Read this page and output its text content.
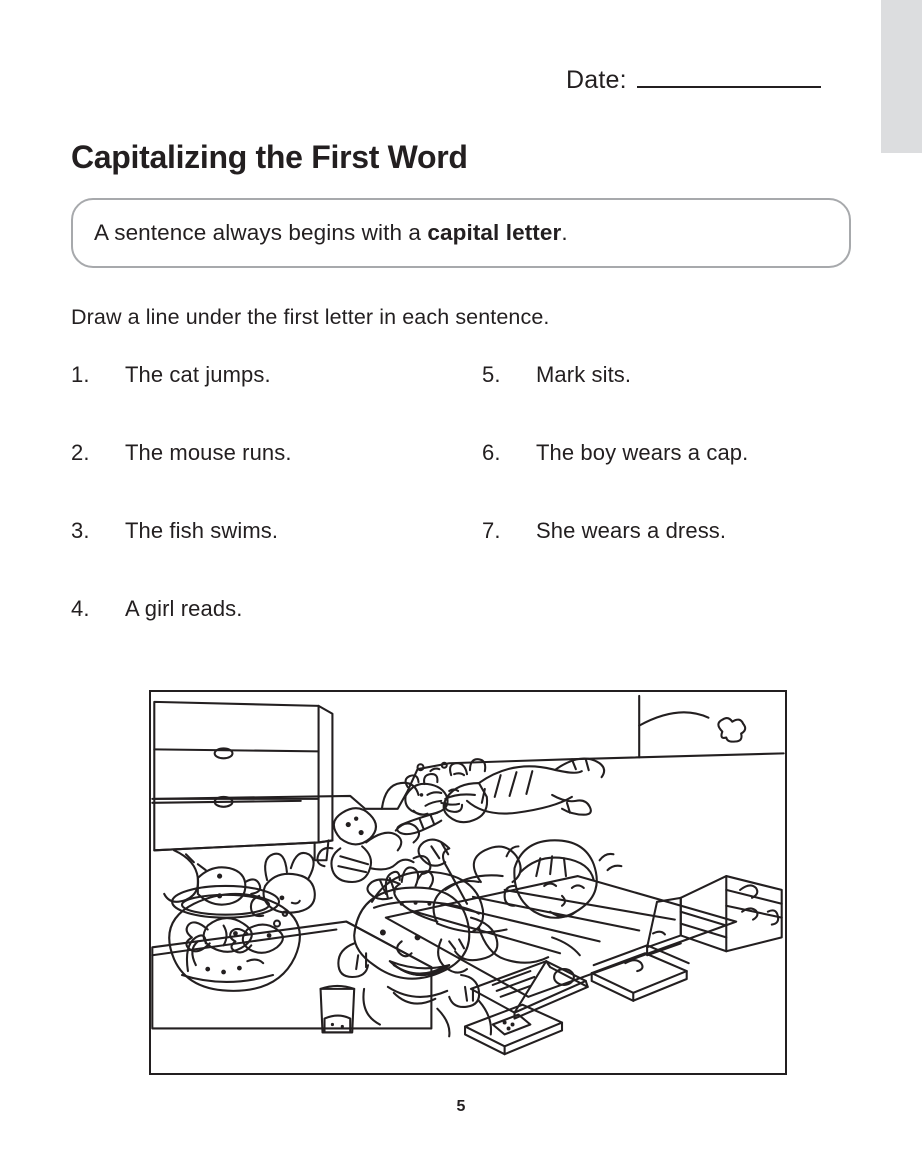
Date:
Capitalizing the First Word
A sentence always begins with a capital letter.
Draw a line under the first letter in each sentence.
1.	The cat jumps.
2.	The mouse runs.
3.	The fish swims.
4.	A girl reads.
5.	Mark sits.
6.	The boy wears a cap.
7.	She wears a dress.
5
